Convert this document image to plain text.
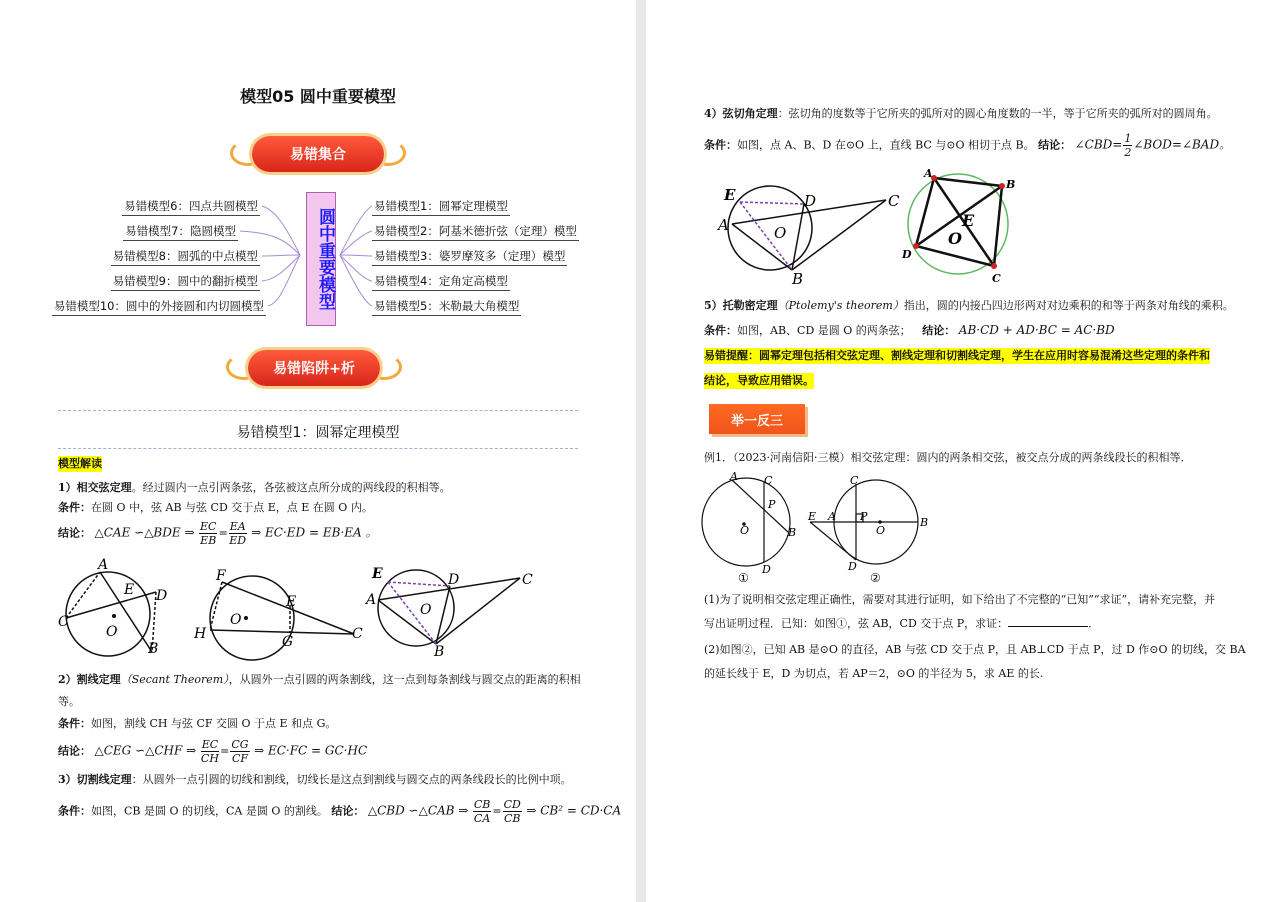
模型05 圆中重要模型
易错集合
易错模型6：四点共圆模型
易错模型7：隐圆模型
易错模型8：圆弧的中点模型
易错模型9：圆中的翻折模型
易错模型10：圆中的外接圆和内切圆模型	圆中重要模型
易错模型1：圆幂定理模型
易错模型2：阿基米德折弦（定理）模型
易错模型3：婆罗摩笈多（定理）模型
易错模型4：定角定高模型
易错模型5：米勒最大角模型
易错陷阱+析
易错模型1：圆幂定理模型
模型解读
1）相交弦定理。经过圆内一点引两条弦，各弦被这点所分成的两线段的积相等。
条件：在圆 O 中，弦 AB 与弦 CD 交于点 E，点 E 在圆 O 内。
结论： △CAE ∽△BDE ⇒ $\frac{EC}{EB} = \frac{EA}{ED}$ ⇒ EC·ED = EB·EA 。
A
E D
C
O
B
F
E
O
H	G	C
E	D	C
A
O
B
2）割线定理（Secant Theorem），从圆外一点引圆的两条割线，这一点到每条割线与圆交点的距离的积相
等。
条件：如图，割线 CH 与弦 CF 交圆 O 于点 E 和点 G。
结论： △CEG ∽△CHF ⇒ $\frac{EC}{CH} = \frac{CG}{CF}$ ⇒ EC·FC = GC·HC
3）切割线定理：从圆外一点引圆的切线和割线，切线长是这点到割线与圆交点的两条线段长的比例中项。
条件：如图，CB 是圆 O 的切线，CA 是圆 O 的割线。 结论： △CBD ∽△CAB ⇒ $\frac{CB}{CA} = \frac{CD}{CB}$ ⇒ CB² = CD·CA
4）弦切角定理：弦切角的度数等于它所夹的弧所对的圆心角度数的一半，等于它所夹的弧所对的圆周角。
条件：如图，点 A、B、D 在⊙O 上，直线 BC 与⊙O 相切于点 B。 结论： ∠CBD= $\frac{1}{2}$ ∠BOD=∠BAD。
E	D	C
A	O
B
A
B
E
O
D
C
5）托勒密定理（Ptolemy's theorem）指出，圆的内接凸四边形两对对边乘积的和等于两条对角线的乘积。
条件：如图，AB、CD 是圆 O 的两条弦； 结论： AB·CD + AD·BC = AC·BD
易错提醒：圆幂定理包括相交弦定理、割线定理和切割线定理，学生在应用时容易混淆这些定理的条件和
结论，导致应用错误。
举一反三
例1．（2023·河南信阳·三模）相交弦定理：圆内的两条相交弦，被交点分成的两条线段长的积相等．
A C
P
O	B
D
①
C
E A P
O
B
D
②
(1)为了说明相交弦定理正确性，需要对其进行证明，如下给出了不完整的“已知”“求证”，请补充完整，并
写出证明过程．已知：如图①，弦 AB，CD 交于点 P，求证：	．
(2)如图②，已知 AB 是⊙O 的直径，AB 与弦 CD 交于点 P，且 AB⊥CD 于点 P，过 D 作⊙O 的切线，交 BA
的延长线于 E，D 为切点，若 AP＝2，⊙O 的半径为 5，求 AE 的长.
